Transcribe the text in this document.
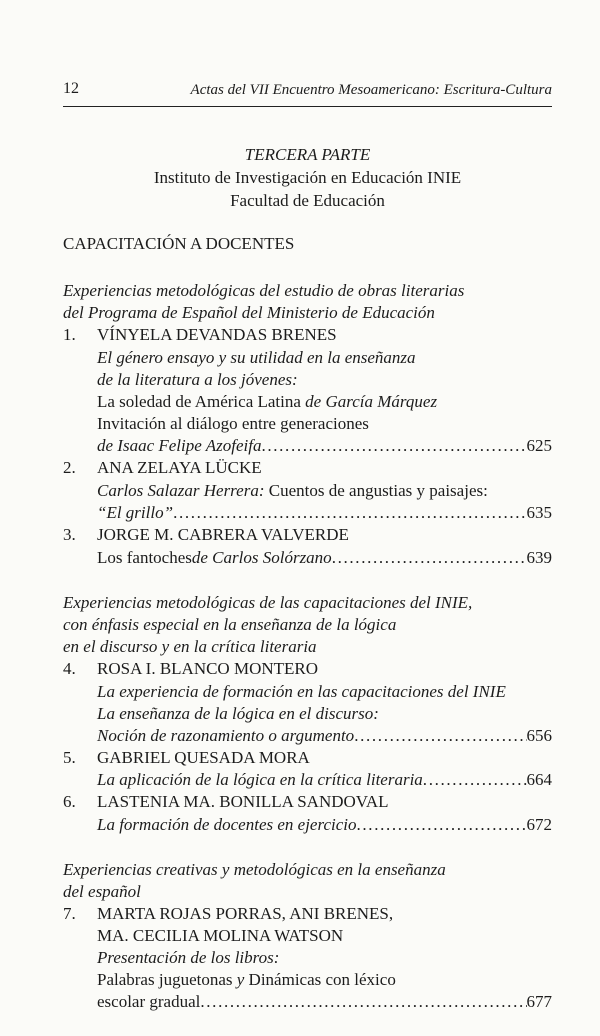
12	Actas del VII Encuentro Mesoamericano: Escritura-Cultura
TERCERA PARTE
Instituto de Investigación en Educación INIE
Facultad de Educación
CAPACITACIÓN A DOCENTES
Experiencias metodológicas del estudio de obras literarias
del Programa de Español del Ministerio de Educación
1.	VÍNYELA DEVANDAS BRENES
El género ensayo y su utilidad en la enseñanza
de la literatura a los jóvenes:
La soledad de América Latina de García Márquez
Invitación al diálogo entre generaciones
de Isaac Felipe Azofeifa . . .	625
2.	ANA ZELAYA LÜCKE
Carlos Salazar Herrera: Cuentos de angustias y paisajes:
“El grillo” . . .	635
3.	JORGE M. CABRERA VALVERDE
Los fantoches de Carlos Solórzano . . .	639
Experiencias metodológicas de las capacitaciones del INIE,
con énfasis especial en la enseñanza de la lógica
en el discurso y en la crítica literaria
4.	ROSA I. BLANCO MONTERO
La experiencia de formación en las capacitaciones del INIE
La enseñanza de la lógica en el discurso:
Noción de razonamiento o argumento . . .	656
5.	GABRIEL QUESADA MORA
La aplicación de la lógica en la crítica literaria . . .	664
6.	LASTENIA MA. BONILLA SANDOVAL
La formación de docentes en ejercicio . . .	672
Experiencias creativas y metodológicas en la enseñanza
del español
7.	MARTA ROJAS PORRAS, ANI BRENES,
MA. CECILIA MOLINA WATSON
Presentación de los libros:
Palabras juguetonas y Dinámicas con léxico
escolar gradual . . .	677
